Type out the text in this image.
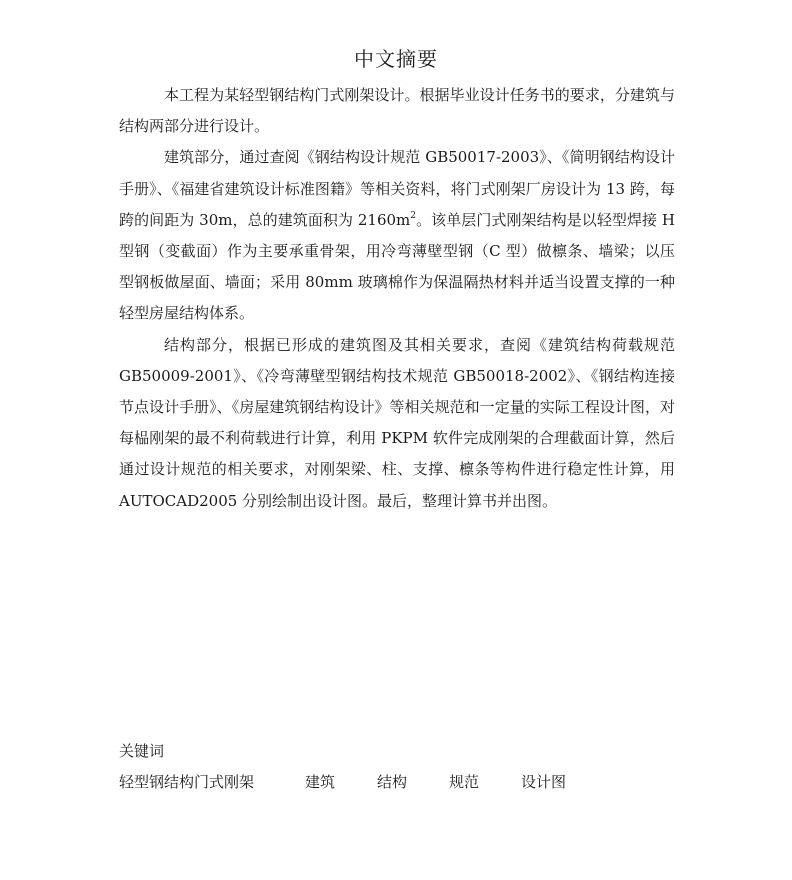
中文摘要

本工程为某轻型钢结构门式刚架设计。根据毕业设计任务书的要求，分建筑与结构两部分进行设计。

建筑部分，通过查阅《钢结构设计规范 GB50017-2003》、《简明钢结构设计手册》、《福建省建筑设计标准图籍》等相关资料，将门式刚架厂房设计为 13 跨，每跨的间距为 30m，总的建筑面积为 $2160m^2$。该单层门式刚架结构是以轻型焊接 H 型钢（变截面）作为主要承重骨架，用冷弯薄壁型钢（C 型）做檩条、墙梁；以压型钢板做屋面、墙面；采用 80mm 玻璃棉作为保温隔热材料并适当设置支撑的一种轻型房屋结构体系。

结构部分，根据已形成的建筑图及其相关要求，查阅《建筑结构荷载规范GB50009-2001》、《冷弯薄壁型钢结构技术规范 GB50018-2002》、《钢结构连接节点设计手册》、《房屋建筑钢结构设计》等相关规范和一定量的实际工程设计图，对每榀刚架的最不利荷载进行计算，利用 PKPM 软件完成刚架的合理截面计算，然后通过设计规范的相关要求，对刚架梁、柱、支撑、檩条等构件进行稳定性计算，用 AUTOCAD2005 分别绘制出设计图。最后，整理计算书并出图。

关键词
轻型钢结构门式刚架	建筑	结构	规范	设计图
